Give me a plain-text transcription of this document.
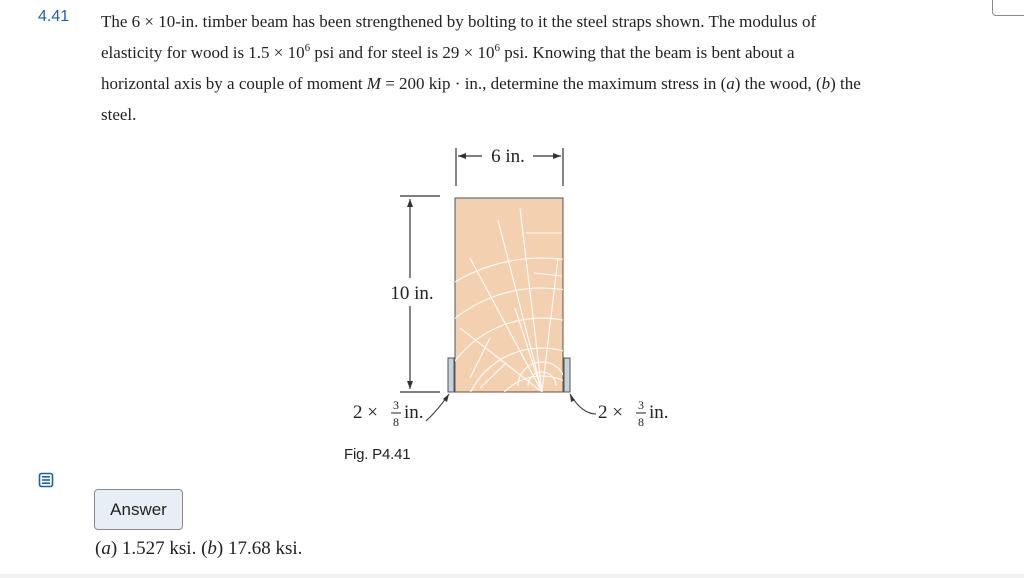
4.41 The 6 × 10-in. timber beam has been strengthened by bolting to it the steel straps shown. The modulus of
elasticity for wood is $1.5 \times 10^6$ psi and for steel is $29 \times 10^6$ psi. Knowing that the beam is bent about a
horizontal axis by a couple of moment M = 200 kip · in., determine the maximum stress in (a) the wood, (b) the
steel.
6 in.
10 in.
2 × 3
8 in.	2 × 3
8 in.
Fig. P4.41
Answer
(a) 1.527 ksi. (b) 17.68 ksi.
